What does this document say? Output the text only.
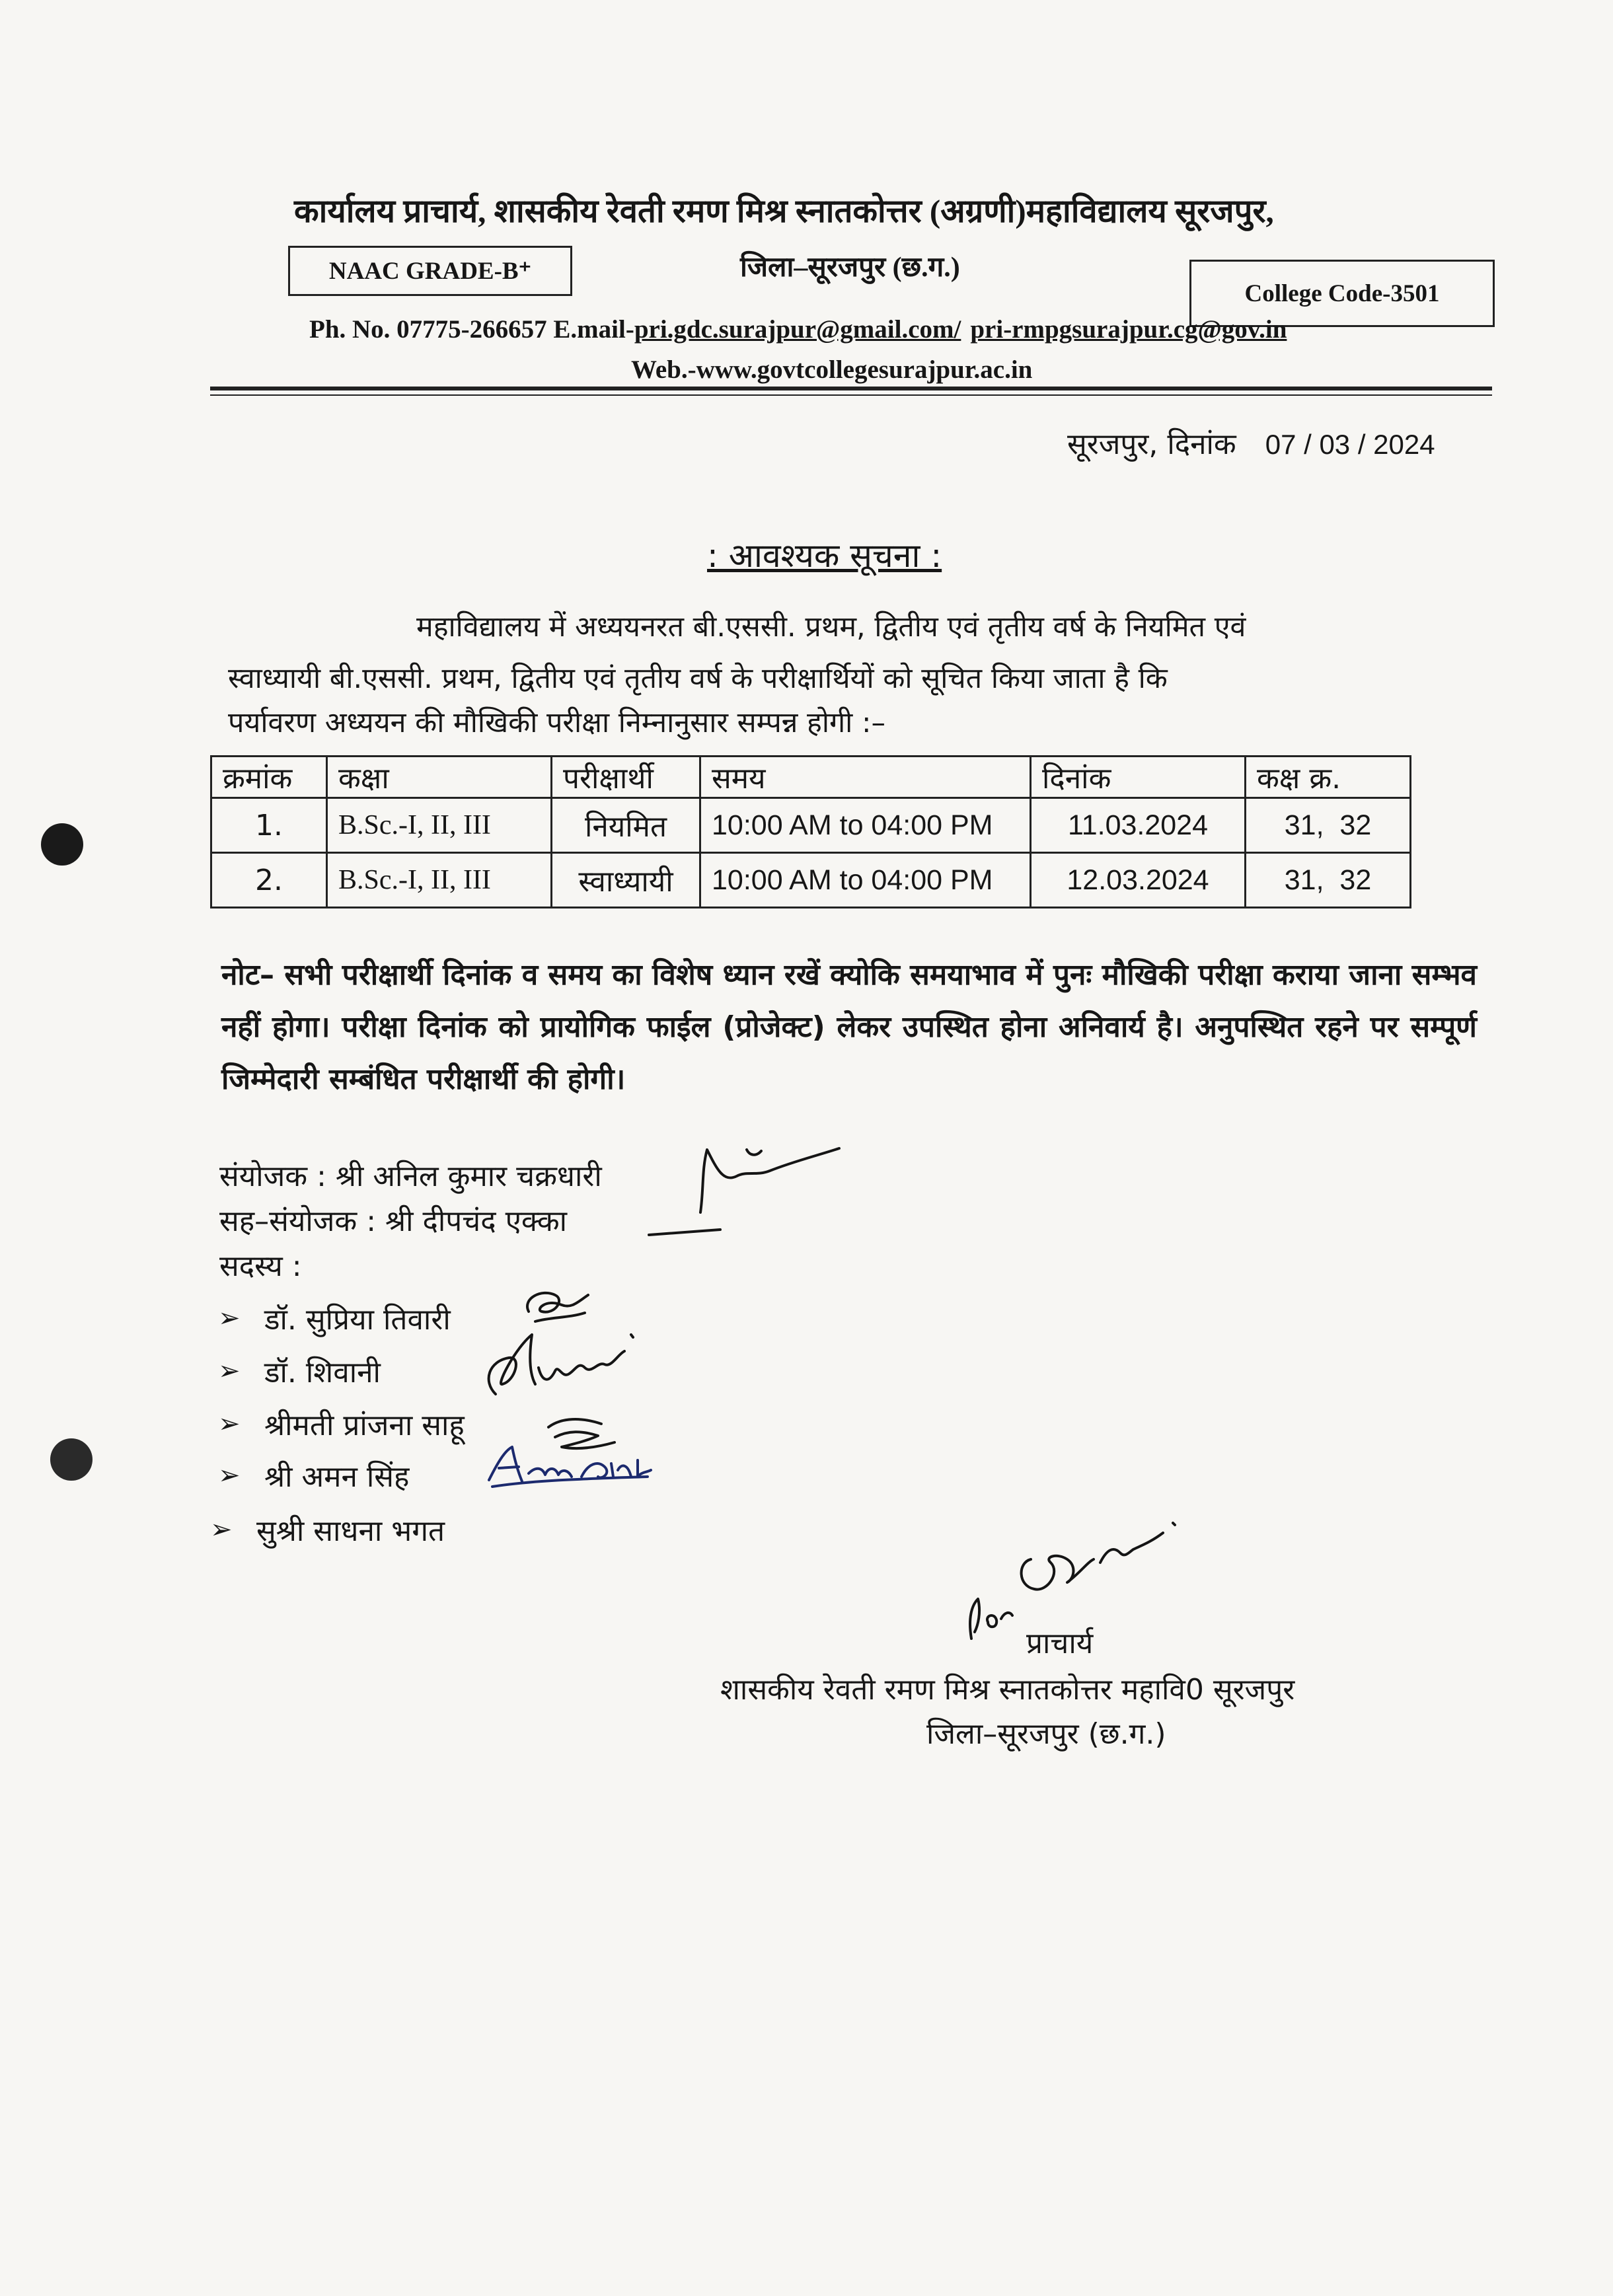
कार्यालय प्राचार्य, शासकीय रेवती रमण मिश्र स्नातकोत्तर (अग्रणी)महाविद्यालय सूरजपुर,
NAAC GRADE-B⁺	जिला–सूरजपुर (छ.ग.)
College Code-3501
Ph. No. 07775-266657 E.mail-pri.gdc.surajpur@gmail.com/ pri-rmpgsurajpur.cg@gov.in
Web.-www.govtcollegesurajpur.ac.in
सूरजपुर, दिनांक 07 / 03 / 2024
: आवश्यक सूचना :
महाविद्यालय में अध्ययनरत बी.एससी. प्रथम, द्वितीय एवं तृतीय वर्ष के नियमित एवं
स्वाध्यायी बी.एससी. प्रथम, द्वितीय एवं तृतीय वर्ष के परीक्षार्थियों को सूचित किया जाता है कि
पर्यावरण अध्ययन की मौखिकी परीक्षा निम्नानुसार सम्पन्न होगी :–
क्रमांक	कक्षा	परीक्षार्थी	समय	दिनांक	कक्ष क्र.
1.	B.Sc.-I, II, III	नियमित	10:00 AM to 04:00 PM	11.03.2024	31,  32
2.	B.Sc.-I, II, III	स्वाध्यायी	10:00 AM to 04:00 PM	12.03.2024	31,  32
नोट– सभी परीक्षार्थी दिनांक व समय का विशेष ध्यान रखें क्योकि समयाभाव में पुनः मौखिकी परीक्षा कराया जाना सम्भव नहीं होगा। परीक्षा दिनांक को प्रायोगिक फाईल (प्रोजेक्ट) लेकर उपस्थित होना अनिवार्य है। अनुपस्थित रहने पर सम्पूर्ण जिम्मेदारी सम्बंधित परीक्षार्थी की होगी।
संयोजक : श्री अनिल कुमार चक्रधारी
सह–संयोजक : श्री दीपचंद एक्का
सदस्य :
➢ डॉ. सुप्रिया तिवारी
➢ डॉ. शिवानी
➢ श्रीमती प्रांजना साहू
➢ श्री अमन सिंह
➢ सुश्री साधना भगत
प्राचार्य
शासकीय रेवती रमण मिश्र स्नातकोत्तर महावि0 सूरजपुर
जिला–सूरजपुर (छ.ग.)
